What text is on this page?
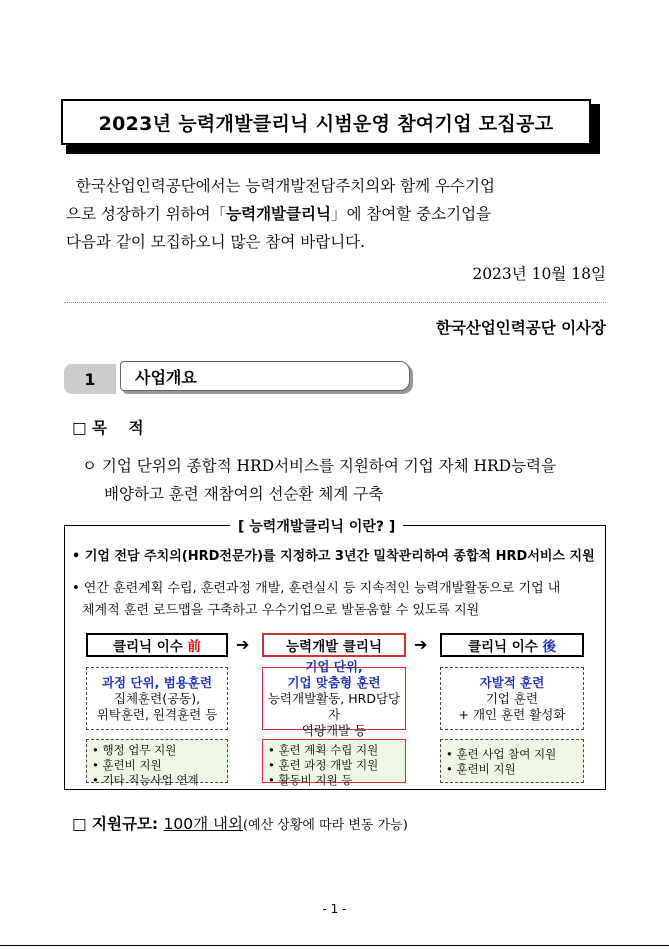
2023년 능력개발클리닉 시범운영 참여기업 모집공고
한국산업인력공단에서는 능력개발전담주치의와 함께 우수기업
으로 성장하기 위하여「능력개발클리닉」에 참여할 중소기업을
다음과 같이 모집하오니 많은 참여 바랍니다.
2023년 10월 18일
한국산업인력공단 이사장
1	사업개요
□ 목    적
ㅇ 기업 단위의 종합적 HRD서비스를 지원하여 기업 자체 HRD능력을
배양하고 훈련 재참여의 선순환 체계 구축
[ 능력개발클리닉 이란? ]
• 기업 전담 주치의(HRD전문가)를 지정하고 3년간 밀착관리하여 종합적 HRD서비스 지원
• 연간 훈련계획 수립, 훈련과정 개발, 훈련실시 등 지속적인 능력개발활동으로 기업 내
체계적 훈련 로드맵을 구축하고 우수기업으로 발돋움할 수 있도록 지원
클리닉 이수
前 ➔	능력개발 클리닉	➔	클리닉 이수
後
과정 단위, 범용훈련
집체훈련(공동),
위탁훈련, 원격훈련 등
기업 단위,
기업 맞춤형 훈련
능력개발활동, HRD담당자
역량개발 등
자발적 훈련
기업 훈련
+ 개인 훈련 활성화
• 행정 업무 지원
• 훈련비 지원
• 기타 직능사업 연계
• 훈련 계획 수립 지원
• 훈련 과정 개발 지원
• 활동비 지원 등
• 훈련 사업 참여 지원
• 훈련비 지원
□ 지원규모: 100개 내외(예산 상황에 따라 변동 가능)
- 1 -
